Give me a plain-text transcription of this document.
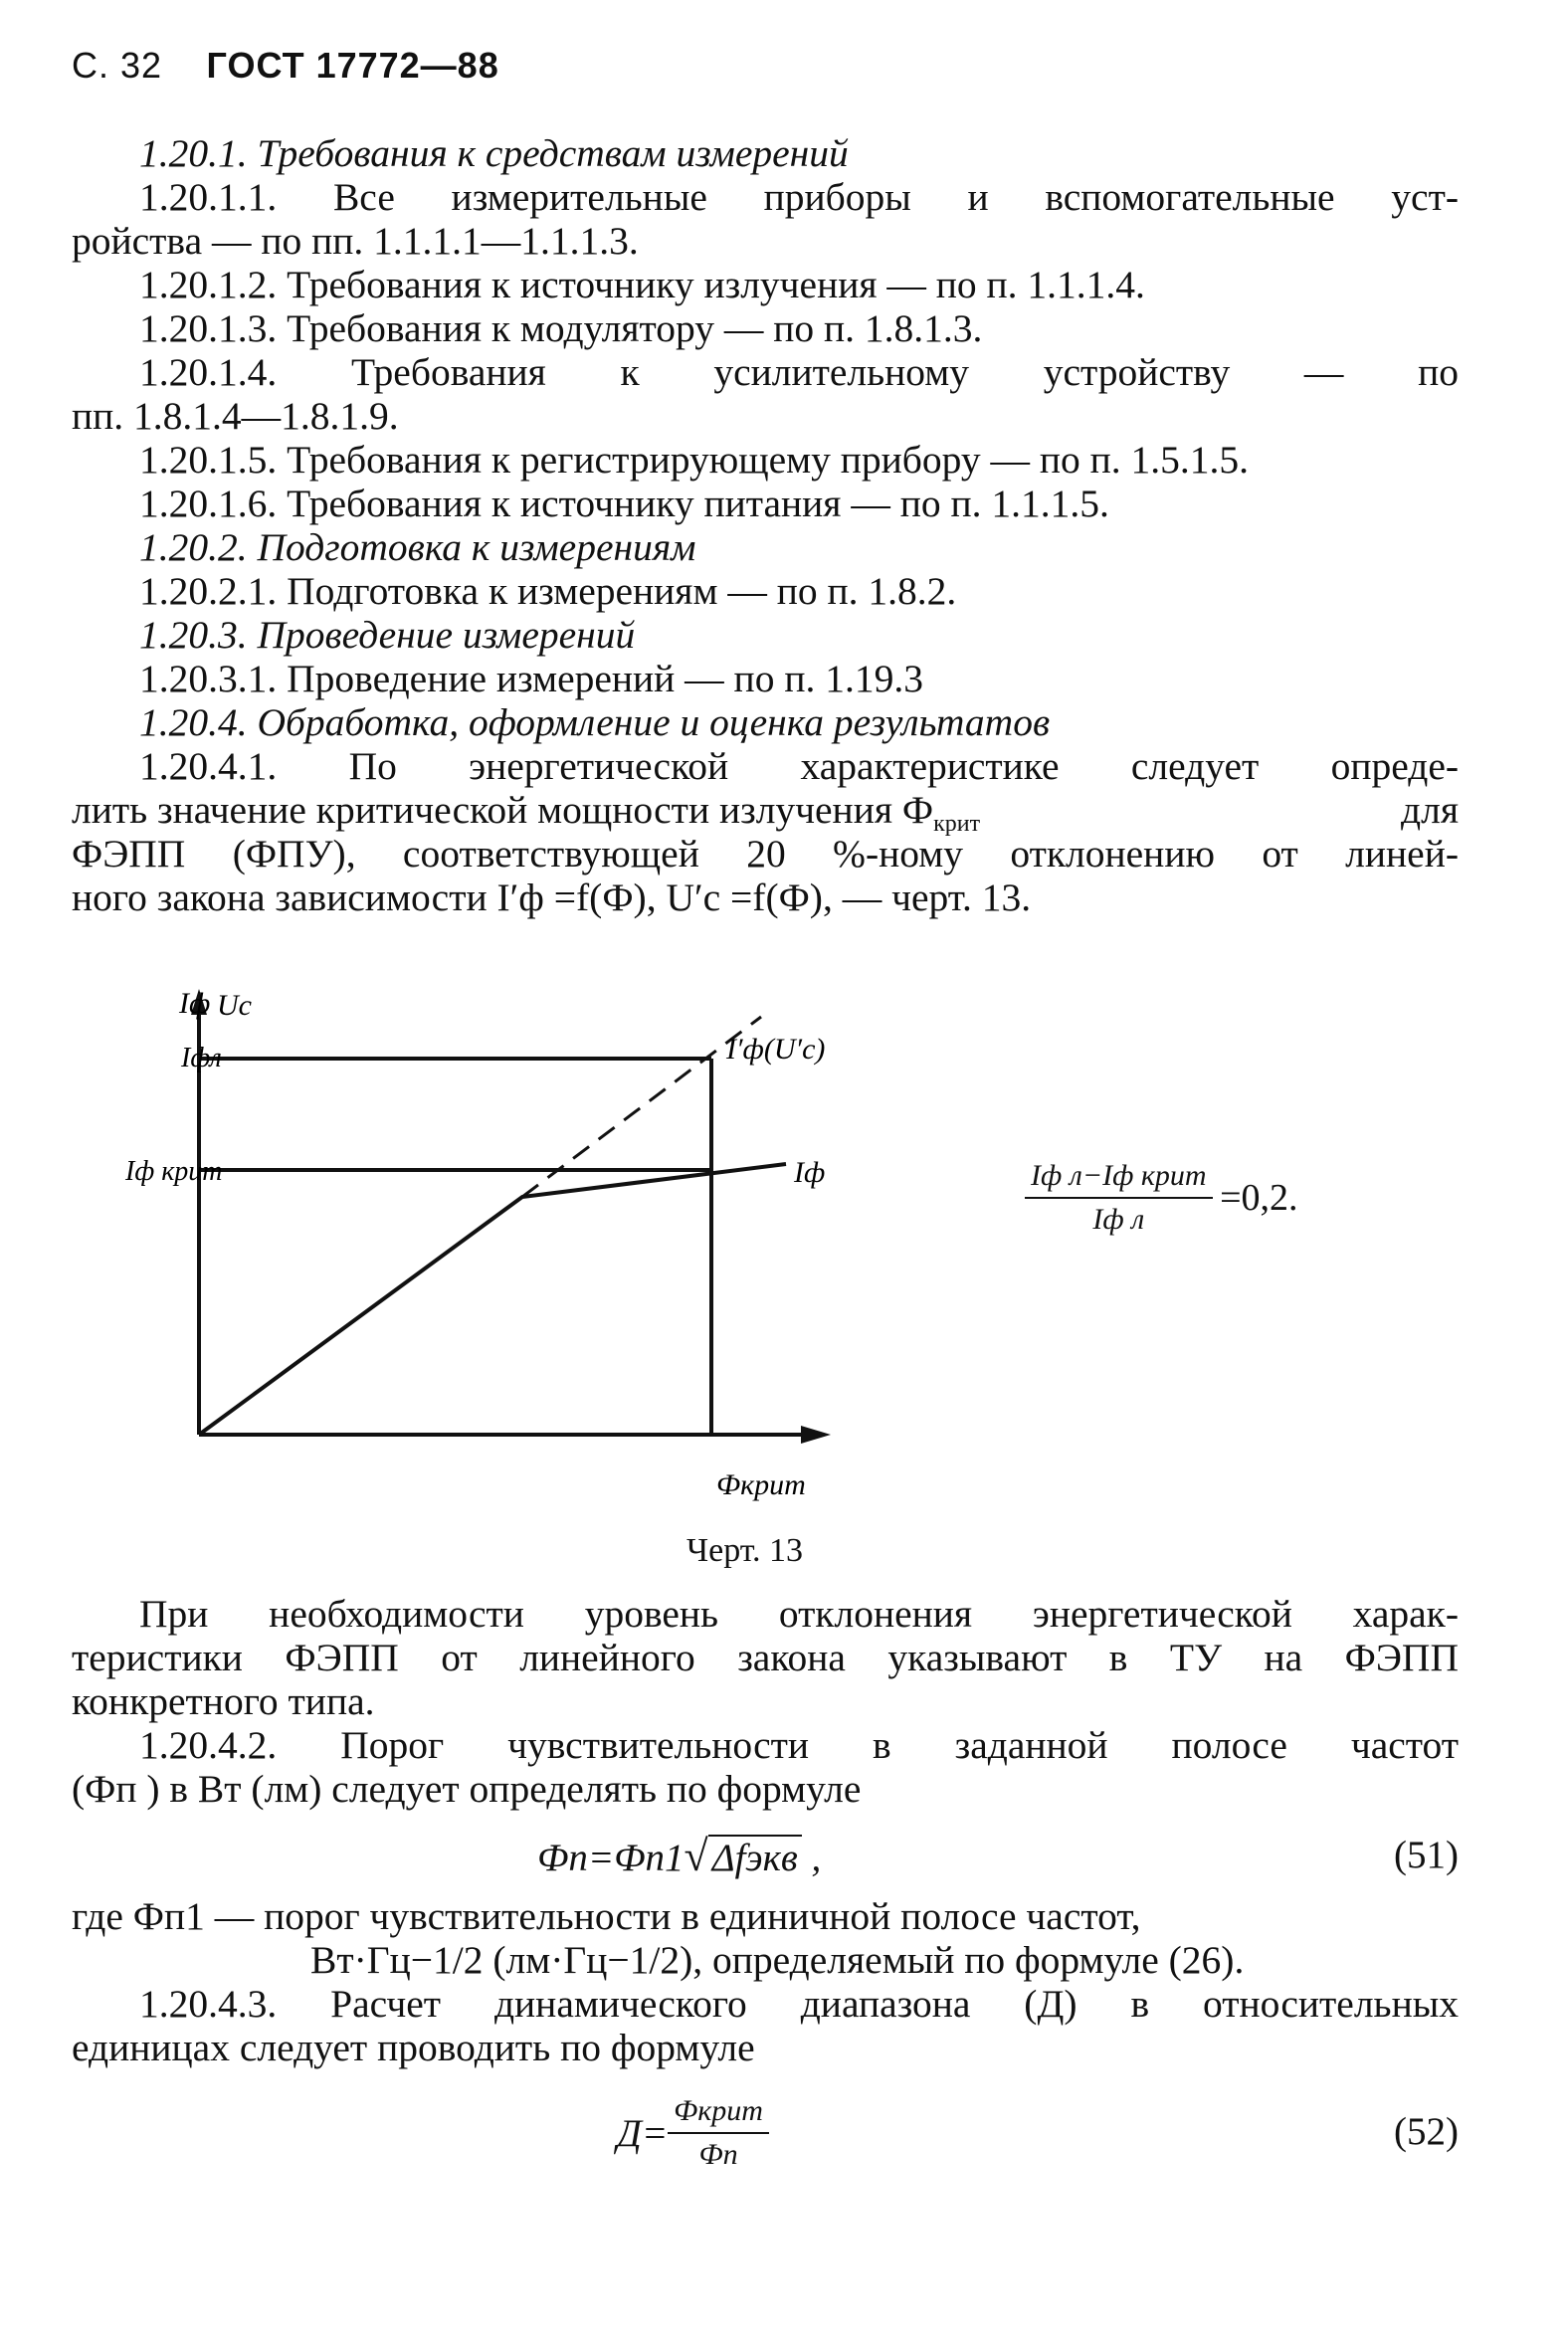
С. 32 ГОСТ 17772—88
1.20.1. Требования к средствам измерений
1.20.1.1. Все измерительные приборы и вспомогательные уст-
ройства — по пп. 1.1.1.1—1.1.1.3.
1.20.1.2. Требования к источнику излучения — по п. 1.1.1.4.
1.20.1.3. Требования к модулятору — по п. 1.8.1.3.
1.20.1.4. Требования к усилительному устройству — по
пп. 1.8.1.4—1.8.1.9.
1.20.1.5. Требования к регистрирующему прибору — по п. 1.5.1.5.
1.20.1.6. Требования к источнику питания — по п. 1.1.1.5.
1.20.2. Подготовка к измерениям
1.20.2.1. Подготовка к измерениям — по п. 1.8.2.
1.20.3. Проведение измерений
1.20.3.1. Проведение измерений — по п. 1.19.3
1.20.4. Обработка, оформление и оценка результатов
1.20.4.1. По энергетической характеристике следует опреде-
лить значение критической мощности излучения $Ф_{крит}$	для
ФЭПП (ФПУ), соответствующей 20 %-ному отклонению от линей-
ного закона зависимости I′ф =f(Ф), U′с =f(Ф), — черт. 13.
Iф Uс
Iфл
Iф крит
I′ф(U′с)
Iф
Фкрит
$\frac{\text{Iф л−Iф крит}}{\text{Iф л}} =0,2$.
Черт. 13
При необходимости уровень отклонения энергетической харак-
теристики ФЭПП от линейного закона указывают в ТУ на ФЭПП
конкретного типа.
1.20.4.2. Порог чувствительности в заданной полосе частот
(Фп ) в Вт (лм) следует определять по формуле
Фп=Фп1√ Δfэкв ,	(51)
где Фп1 — порог чувствительности в единичной полосе частот,
Вт·Гц−1/2 (лм·Гц−1/2), определяемый по формуле (26).
1.20.4.3. Расчет динамического диапазона (Д) в относительных
единицах следует проводить по формуле
$Д= \frac{\text{Фкрит}}{Фп}$	(52)
